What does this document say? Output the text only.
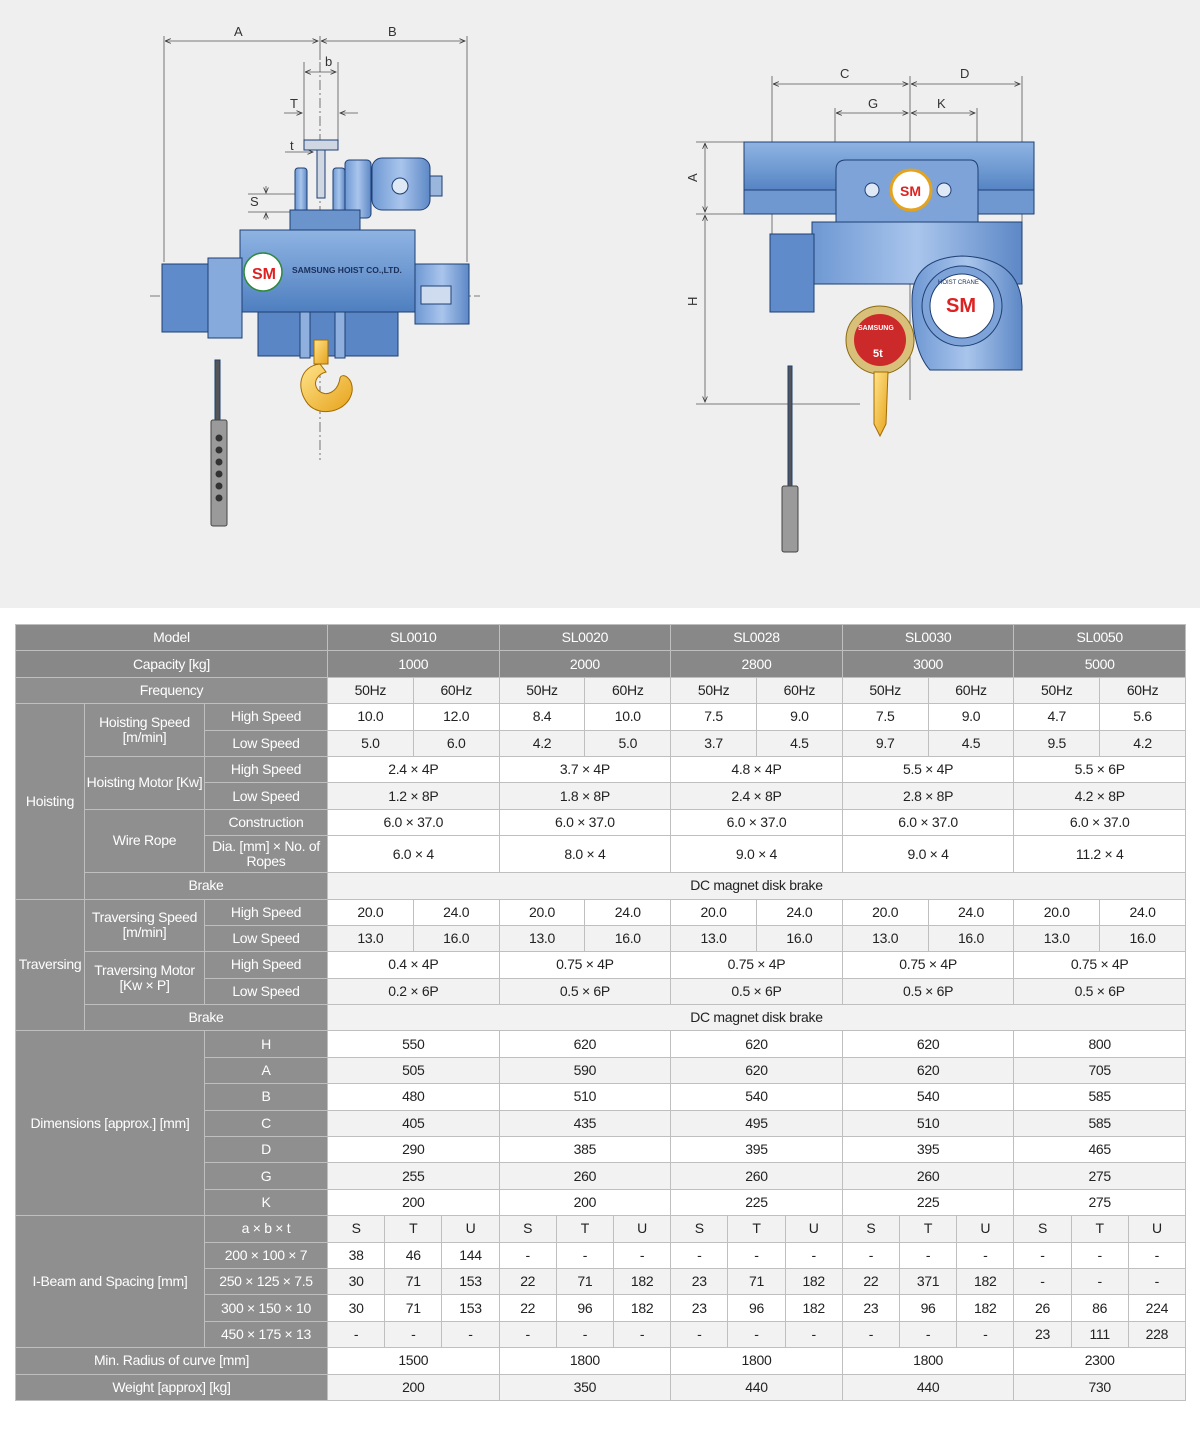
A	B
b
T
t
S
SM SAMSUNG HOIST CO.,LTD.
C	D
G	K
A
H
SM
SM
HOIST CRANE
SAMSUNG
5t
Model			SL0010				SL0020				SL0028				SL0030				SL0050			
Capacity [kg]			1000				2000				2800				3000				5000			
Frequency			50Hz		60Hz		50Hz		60Hz		50Hz		60Hz		50Hz		60Hz		50Hz		60Hz	
Hoisting	Hoisting Speed [m/min]	High Speed	10.0		12.0		8.4		10.0		7.5		9.0		7.5		9.0		4.7		5.6	
		Low Speed	5.0		6.0		4.2		5.0		3.7		4.5		9.7		4.5		9.5		4.2	
	Hoisting Motor [Kw]	High Speed	2.4 × 4P				3.7 × 4P				4.8 × 4P				5.5 × 4P				5.5 × 6P			
		Low Speed	1.2 × 8P				1.8 × 8P				2.4 × 8P				2.8 × 8P				4.2 × 8P			
	Wire Rope	Construction	6.0 × 37.0				6.0 × 37.0				6.0 × 37.0				6.0 × 37.0				6.0 × 37.0			
		Dia. [mm] × No. of Ropes	6.0 × 4				8.0 × 4				9.0 × 4				9.0 × 4				11.2 × 4			
	Brake		DC magnet disk brake																			
Traversing	Traversing Speed [m/min]	High Speed	20.0		24.0		20.0		24.0		20.0		24.0		20.0		24.0		20.0		24.0	
		Low Speed	13.0		16.0		13.0		16.0		13.0		16.0		13.0		16.0		13.0		16.0	
	Traversing Motor [Kw × P]	High Speed	0.4 × 4P				0.75 × 4P				0.75 × 4P				0.75 × 4P				0.75 × 4P			
		Low Speed	0.2 × 6P				0.5 × 6P				0.5 × 6P				0.5 × 6P				0.5 × 6P			
	Brake		DC magnet disk brake																			
Dimensions [approx.] [mm]		H	550				620				620				620				800			
		A	505				590				620				620				705			
		B	480				510				540				540				585			
		C	405				435				495				510				585			
		D	290				385				395				395				465			
		G	255				260				260				260				275			
		K	200				200				225				225				275			
I-Beam and Spacing [mm]		a × b × t	S	T		U	S	T		U	S	T		U	S	T		U	S	T		U
		200 × 100 × 7	38	46		144	-	-		-	-	-		-	-	-		-	-	-		-
		250 × 125 × 7.5	30	71		153	22	71		182	23	71		182	22	371		182	-	-		-
		300 × 150 × 10	30	71		153	22	96		182	23	96		182	23	96		182	26	86		224
		450 × 175 × 13	-	-		-	-	-		-	-	-		-	-	-		-	23	111		228
Min. Radius of curve [mm]			1500				1800				1800				1800				2300			
Weight [approx] [kg]			200				350				440				440				730			
